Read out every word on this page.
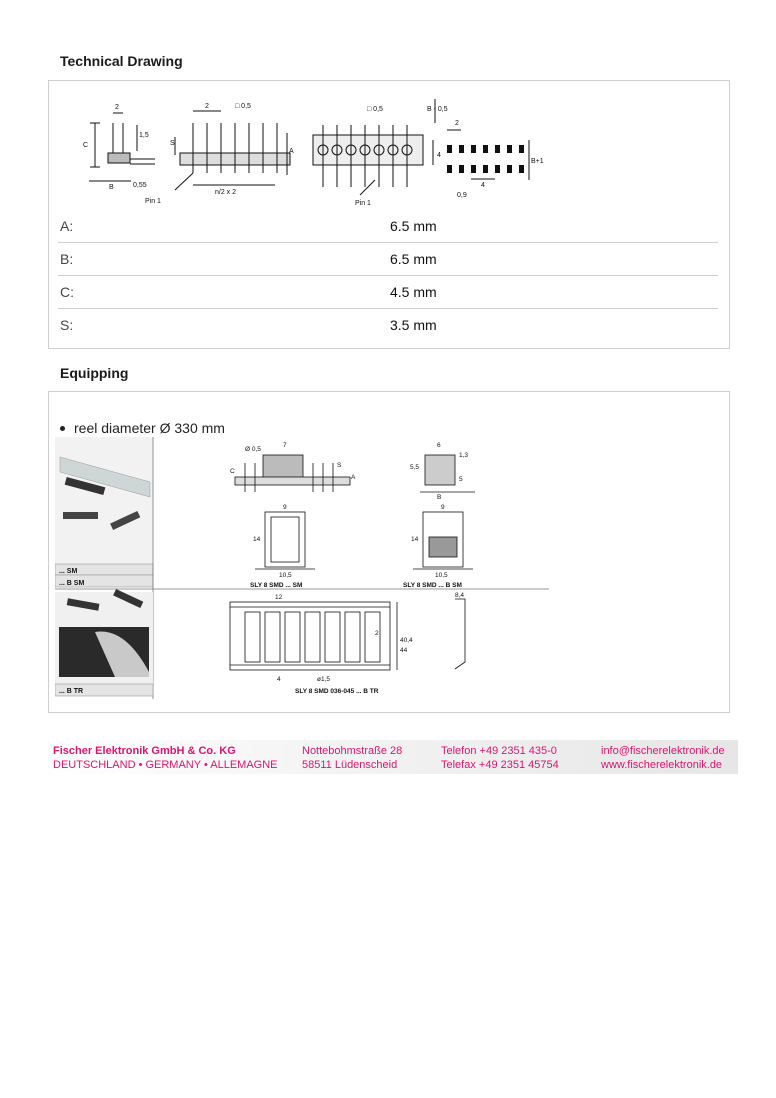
Technical Drawing
2
1,5
C
B	0,55
Pin 1
S
2	□ 0,5
A
n/2 x 2
□ 0,5
4
Pin 1
B - 0,5
2
B+1
4
0,9
A:	6.5 mm
B:	6.5 mm
C:	4.5 mm
S:	3.5 mm
Equipping
reel diameter Ø 330 mm
Ø 0,5
7
C
S
A
6
1,3
5,5
5
B
9	9
14	14
10,5	10,5
SLY 8 SMD ... SM	SLY 8 SMD ... B SM
12	8,4
2
40,4
44
4	ø1,5
SLY 8 SMD 036-045 ... B TR
... SM
... B SM
... B TR
Fischer Elektronik GmbH & Co. KG
DEUTSCHLAND • GERMANY • ALLEMAGNE
Nottebohmstraße 28
58511 Lüdenscheid
Telefon +49 2351 435-0
Telefax +49 2351 45754
info@fischerelektronik.de
www.fischerelektronik.de
